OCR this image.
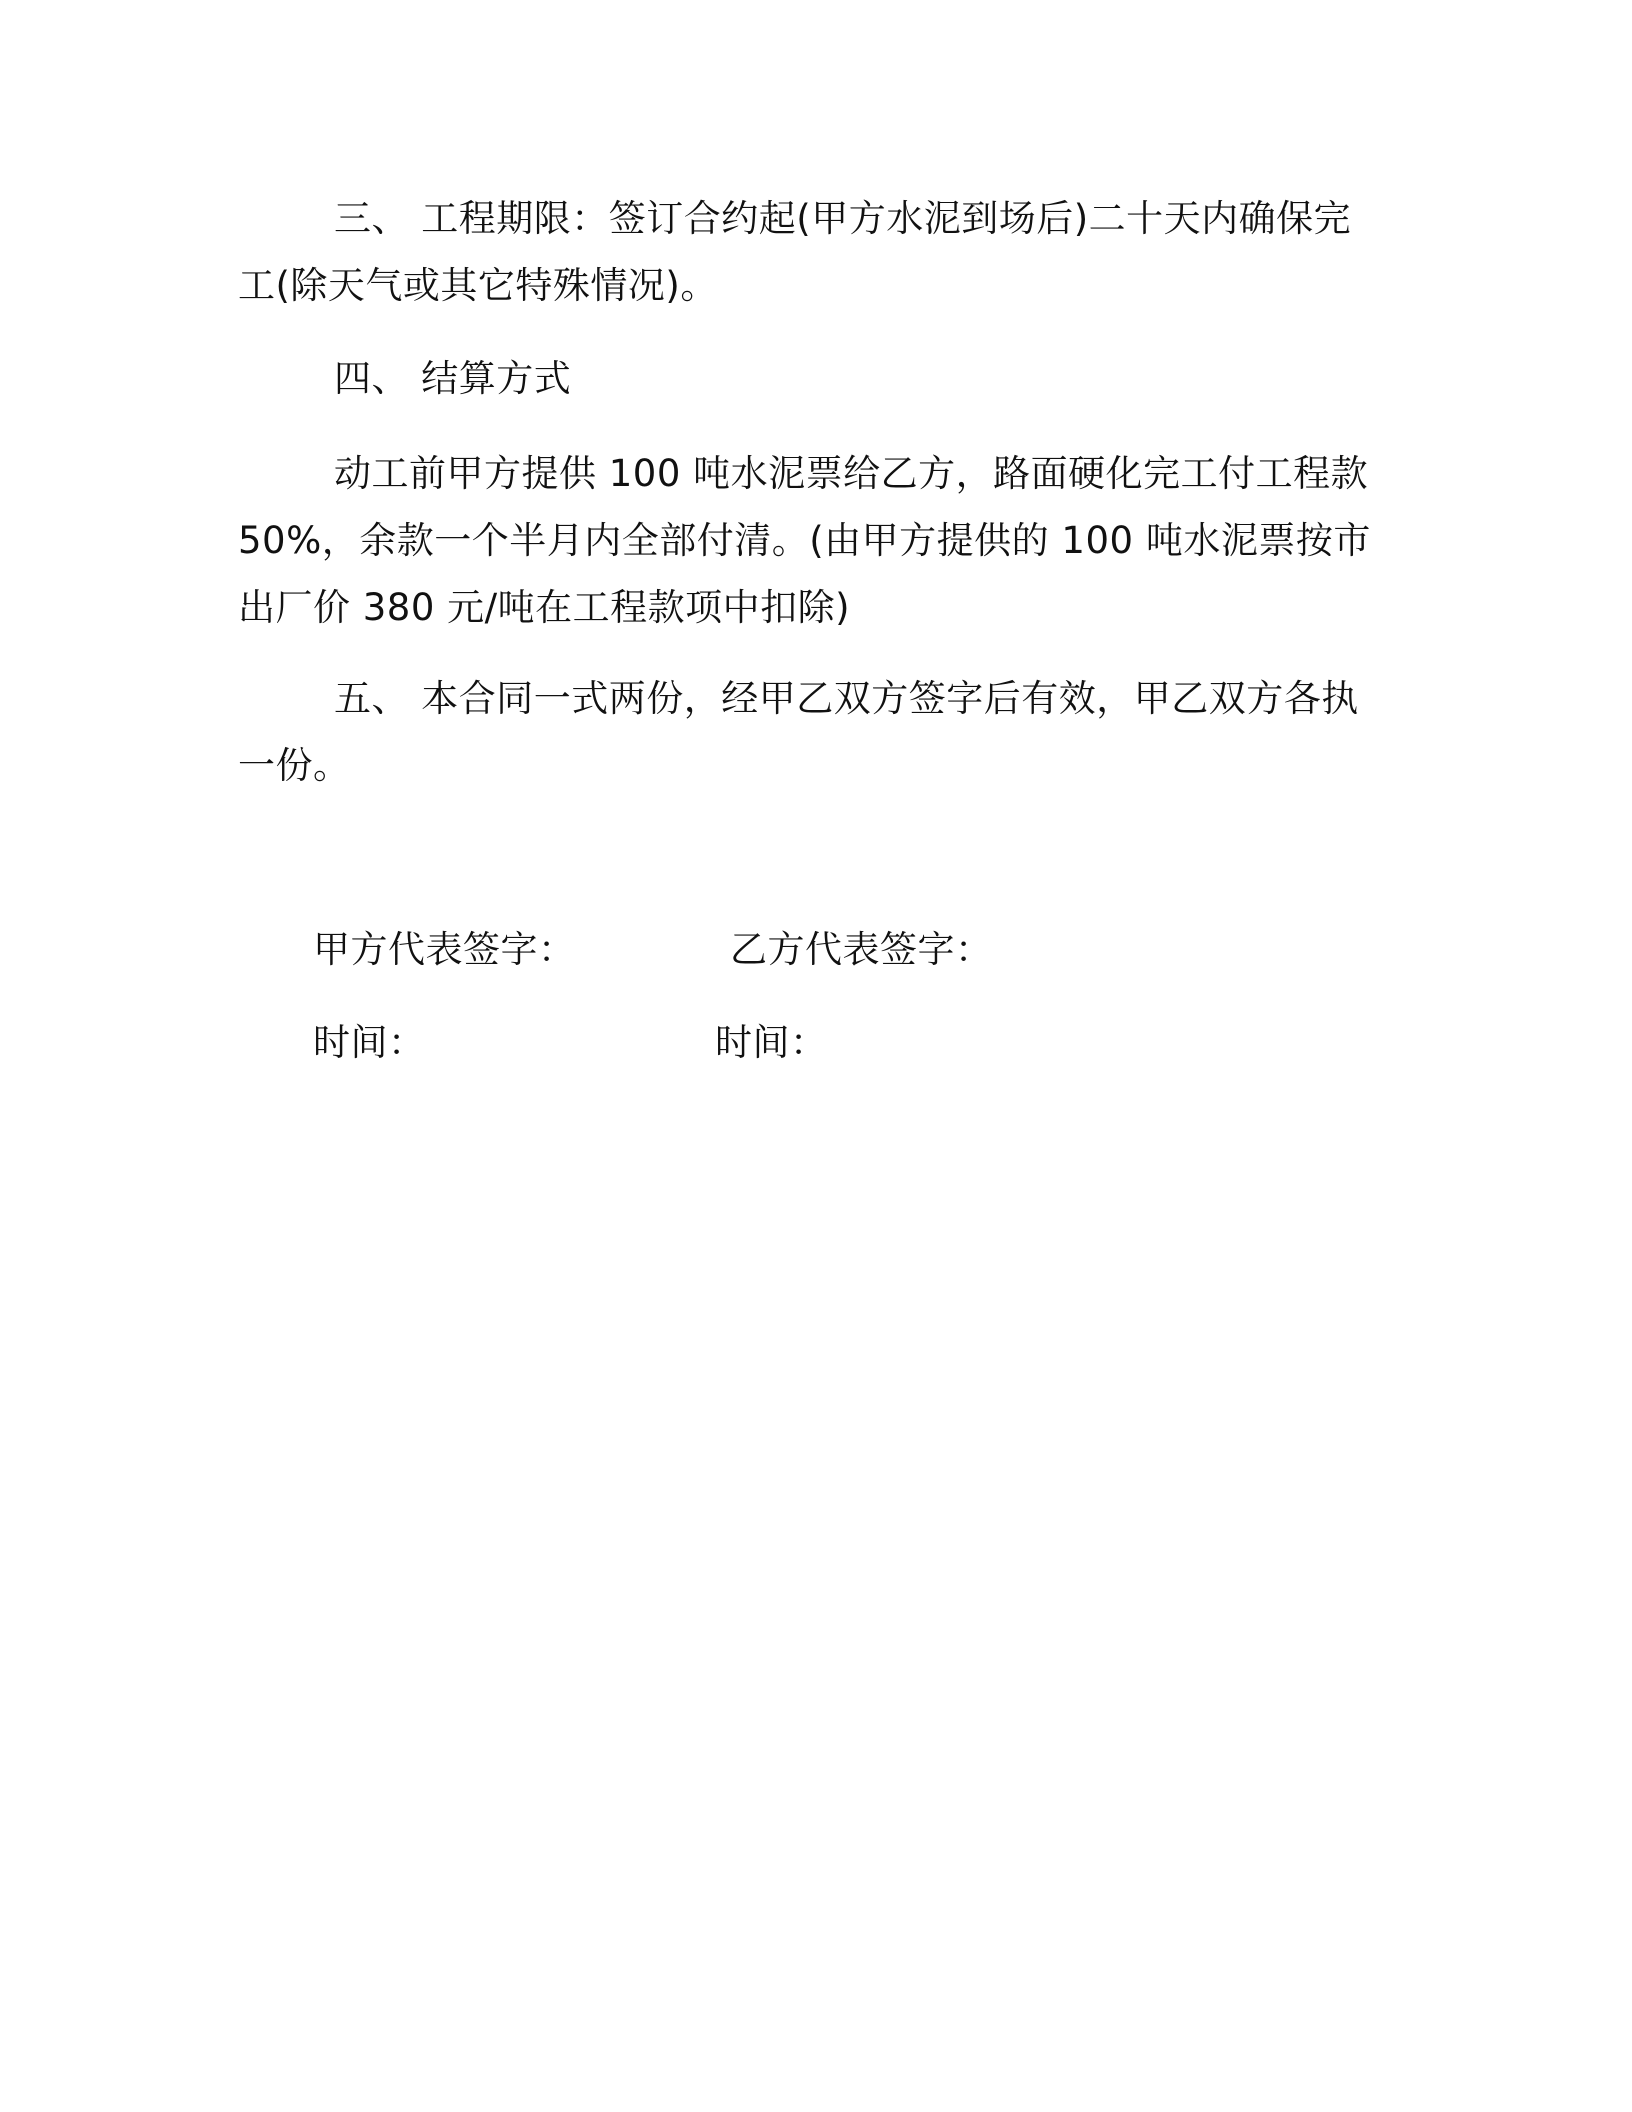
三、 工程期限：签订合约起(甲方水泥到场后)二十天内确保完工(除天气或其它特殊情况)。

四、 结算方式

动工前甲方提供 100 吨水泥票给乙方，路面硬化完工付工程款 50%，余款一个半月内全部付清。(由甲方提供的 100 吨水泥票按市出厂价 380 元/吨在工程款项中扣除)

五、 本合同一式两份，经甲乙双方签字后有效，甲乙双方各执一份。

甲方代表签字：	乙方代表签字：
时间：	时间：
